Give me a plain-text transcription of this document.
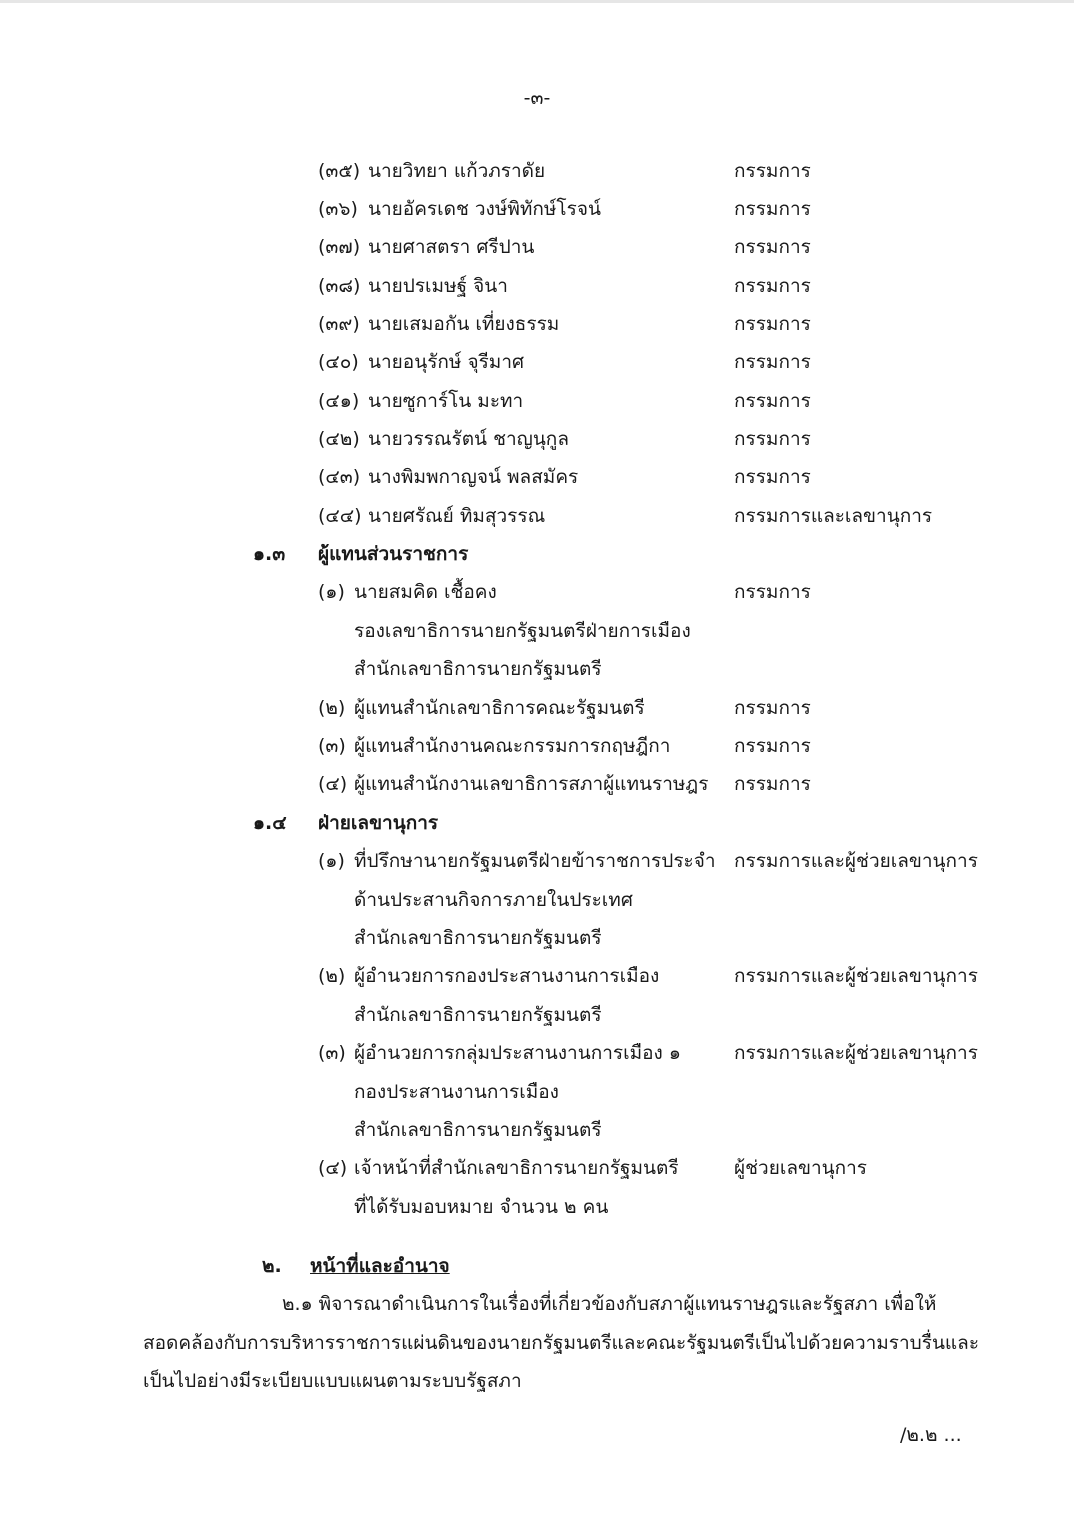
-๓-
(๓๕) นายวิทยา แก้วภราดัย	กรรมการ
(๓๖) นายอัครเดช วงษ์พิทักษ์โรจน์	กรรมการ
(๓๗) นายศาสตรา ศรีปาน	กรรมการ
(๓๘) นายปรเมษฐ์ จินา	กรรมการ
(๓๙) นายเสมอกัน เที่ยงธรรม	กรรมการ
(๔๐) นายอนุรักษ์ จุรีมาศ	กรรมการ
(๔๑) นายซูการ์โน มะทา	กรรมการ
(๔๒) นายวรรณรัตน์ ชาญนุกูล	กรรมการ
(๔๓) นางพิมพกาญจน์ พลสมัคร	กรรมการ
(๔๔) นายศรัณย์ ทิมสุวรรณ	กรรมการและเลขานุการ
๑.๓ ผู้แทนส่วนราชการ
(๑) นายสมคิด เชื้อคง	กรรมการ
รองเลขาธิการนายกรัฐมนตรีฝ่ายการเมือง
สำนักเลขาธิการนายกรัฐมนตรี
(๒) ผู้แทนสำนักเลขาธิการคณะรัฐมนตรี	กรรมการ
(๓) ผู้แทนสำนักงานคณะกรรมการกฤษฎีกา	กรรมการ
(๔) ผู้แทนสำนักงานเลขาธิการสภาผู้แทนราษฎร กรรมการ
๑.๔ ฝ่ายเลขานุการ
(๑) ที่ปรึกษานายกรัฐมนตรีฝ่ายข้าราชการประจำ กรรมการและผู้ช่วยเลขานุการ
ด้านประสานกิจการภายในประเทศ
สำนักเลขาธิการนายกรัฐมนตรี
(๒) ผู้อำนวยการกองประสานงานการเมือง	กรรมการและผู้ช่วยเลขานุการ
สำนักเลขาธิการนายกรัฐมนตรี
(๓) ผู้อำนวยการกลุ่มประสานงานการเมือง ๑	กรรมการและผู้ช่วยเลขานุการ
กองประสานงานการเมือง
สำนักเลขาธิการนายกรัฐมนตรี
(๔) เจ้าหน้าที่สำนักเลขาธิการนายกรัฐมนตรี	ผู้ช่วยเลขานุการ
ที่ได้รับมอบหมาย จำนวน ๒ คน
๒. หน้าที่และอำนาจ
๒.๑ พิจารณาดำเนินการในเรื่องที่เกี่ยวข้องกับสภาผู้แทนราษฎรและรัฐสภา เพื่อให้
สอดคล้องกับการบริหารราชการแผ่นดินของนายกรัฐมนตรีและคณะรัฐมนตรีเป็นไปด้วยความราบรื่นและ
เป็นไปอย่างมีระเบียบแบบแผนตามระบบรัฐสภา
/๒.๒ ...
